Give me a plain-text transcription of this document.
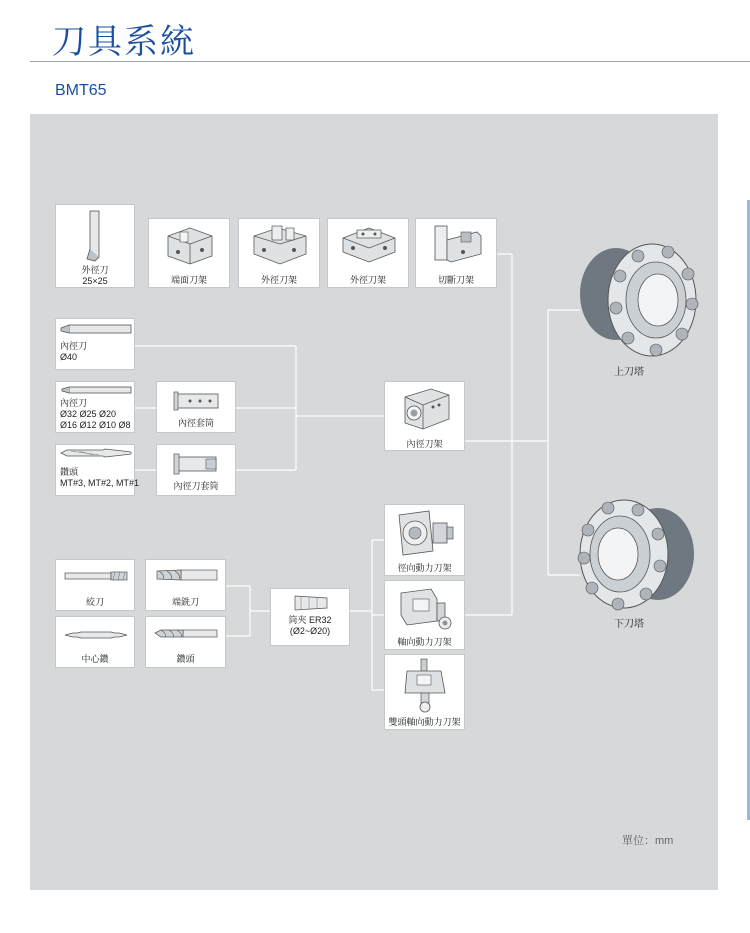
刀具系統
BMT65
外徑刀
25×25	端面刀架	外徑刀架	外徑刀架	切斷刀架
內徑刀
Ø40
內徑刀
Ø32 Ø25 Ø20
Ø16 Ø12 Ø10 Ø8
鑽頭
MT#3, MT#2, MT#1
內徑套筒
內徑刀套筒
內徑刀架
徑向動力刀架
軸向動力刀架
雙頭軸向動力刀架
絞刀	端銑刀
中心鑽	鑽頭
筒夾 ER32
(Ø2~Ø20)
上刀塔
下刀塔
單位：mm
